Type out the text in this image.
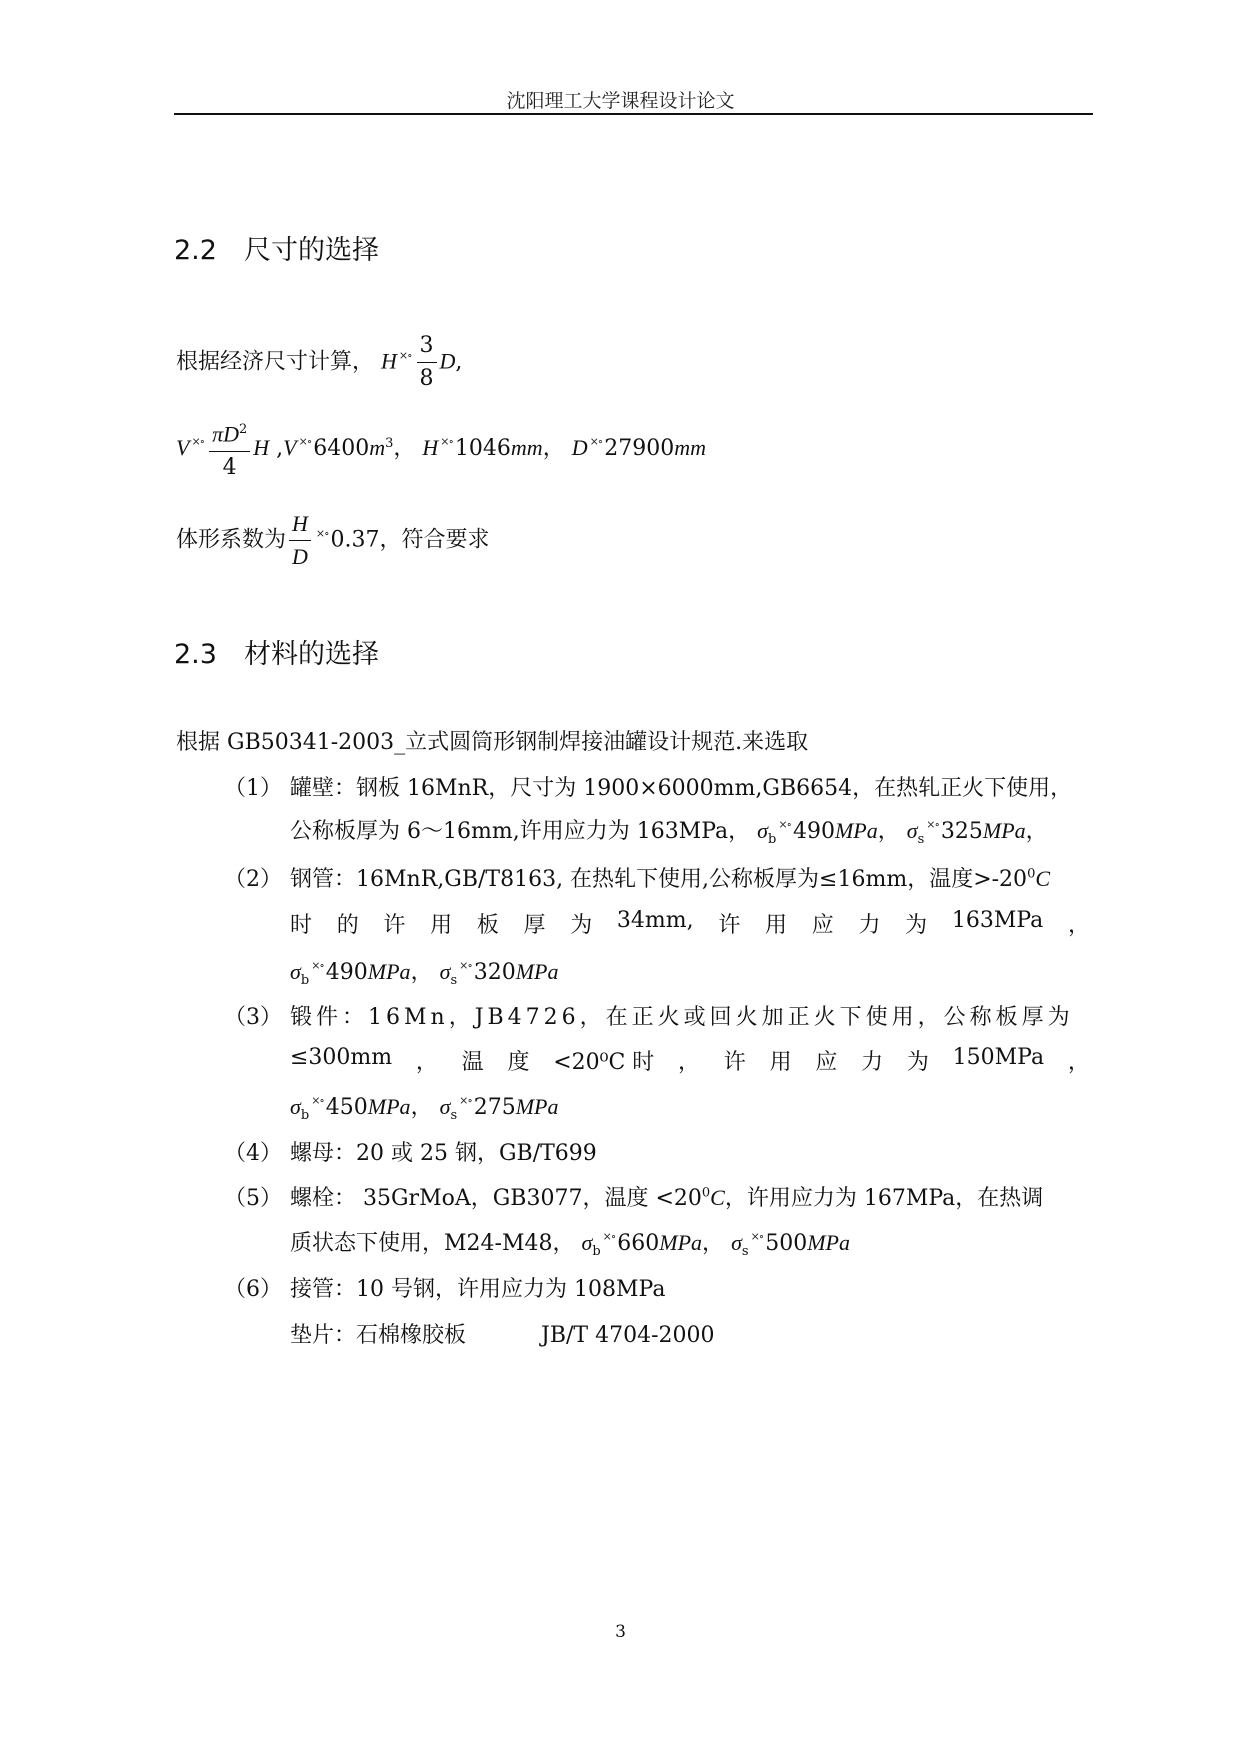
沈阳理工大学课程设计论文
2.2 尺寸的选择
根据经济尺寸计算， H $^{\times\circ} \frac{3}{8} D$,
V $^{\times\circ} \frac{\pi D^2}{4}$ H ,V $^{\times\circ}6400m^3$， H ×∘1046mm， D ×∘27900mm
体形系数为 $\frac{H}{D} ^{\times\circ}0.37$，符合要求
2.3 材料的选择
根据 GB50341-2003_立式圆筒形钢制焊接油罐设计规范.来选取
（1） 罐壁：钢板 16MnR，尺寸为 1900×6000mm,GB6654，在热轧正火下使用，
公称板厚为 6～16mm,许用应力为 163MPa， $\sigma_b^{\times\circ}490MPa$， $\sigma_s^{\times\circ}325MPa$，
（2） 钢管：16MnR,GB/T8163, 在热轧下使用,公称板厚为≤16mm，温度$>-20^0C$
时 的 许 用 板 厚 为 34mm, 许 用 应 力 为 163MPa ，
$\sigma_b^{\times\circ}490MPa$， $\sigma_s^{\times\circ}320MPa$
（3） 锻件：16Mn，JB4726，在正火或回火加正火下使用，公称板厚为
≤300mm ， 温 度 <20⁰C 时 ， 许 用 应 力 为 150MPa ，
$\sigma_b^{\times\circ}450MPa$， $\sigma_s^{\times\circ}275MPa$
（4） 螺母：20 或 25 钢，GB/T699
（5） 螺栓： 35GrMoA，GB3077，温度 $<20^0C$，许用应力为 167MPa，在热调
质状态下使用，M24-M48， $\sigma_b^{\times\circ}660MPa$， $\sigma_s^{\times\circ}500MPa$
（6） 接管：10 号钢，许用应力为 108MPa
垫片：石棉橡胶板	JB/T 4704-2000
3
